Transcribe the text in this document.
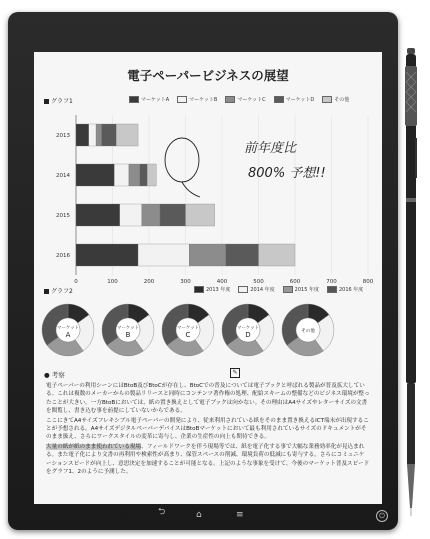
電子ペーパービジネスの展望
グラフ1	マーケットA	マーケットB	マーケットC	マーケットD	その他
0	100	200	300	400	500	600	700	800
2013
2014
2015
2016
前年度比
800% 予想!!
グラフ2	2013 年度	2014 年度	2015 年度	2016 年度
マーケット
A
マーケット
B
マーケット
C
マーケット
D	その他
● 考察	✎

電子ペーパーの利用シーンにはBtoB及びBtoCが存在し、BtoCでの普及については電子ブックと呼ばれる製品が普及拡大している。これは複数のメーカーからの製品リリースと同時にコンテンツ著作権の処理、配給スキームの整備などのビジネス環境が整ったことが大きい。一方BtoBにおいては、紙の置き換えとして電子ブックは向かない。その理由はA4サイズやレターサイズの文書を閲覧し、書き込む事を前提にしていないからである。

ここにきてA4サイズフレキシブル電子ペーパーの開発により、従来利用されている紙をそのまま置き換えるICT端末が出現することが予想される。A4サイズデジタルペーパーデバイスはBtoBマーケットにおいて最も利用されているサイズのドキュメントがそのまま扱え、さらにワークスタイルの変革に寄与し、企業の生産性の向上も期待できる。

大量の紙が紙のまま使われている現場、フィールドワークを伴う現場等では、紙を電子化する事で大幅な業務効率化が見込まれる。また電子化により文書の再利用や検索性が高まり、保管スペースの削減、環境負荷の低減にも寄与する。さらにコミュニケーションスピードが向上し、意思決定を加速することが可能となる。上記のような事象を受けて、今後のマーケット普及スピードをグラフ1、2のように予測した。

⮌	⌂	≡	⏻
